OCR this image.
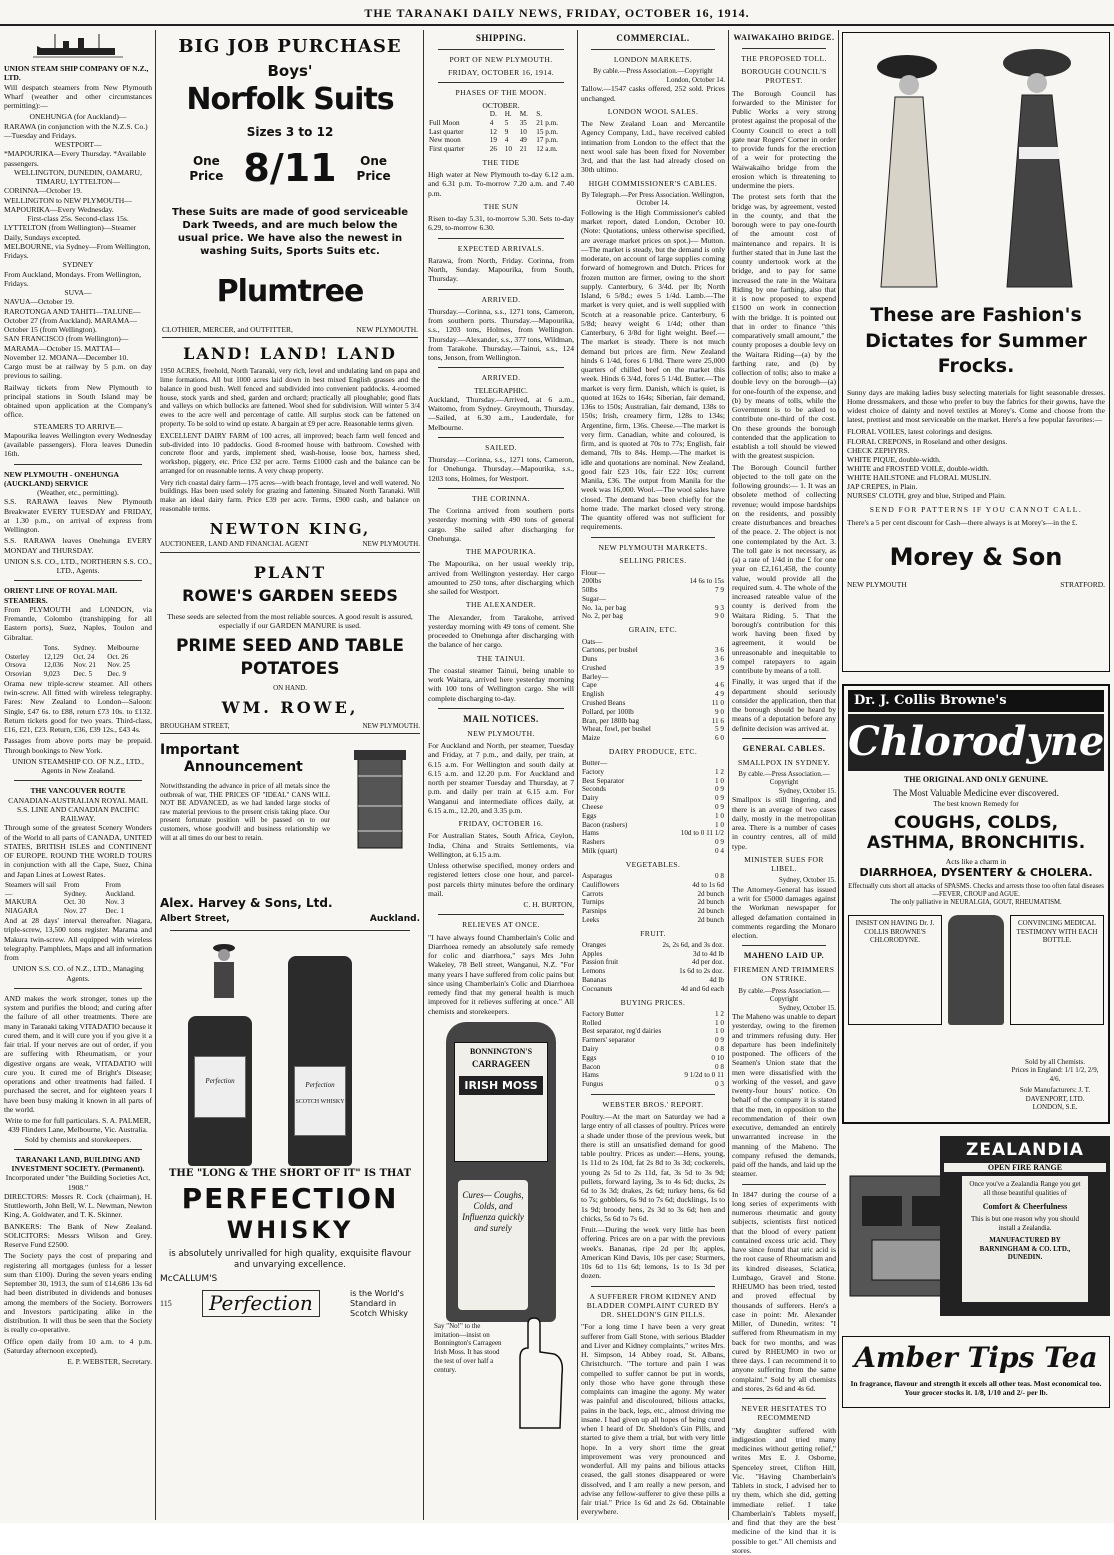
THE TARANAKI DAILY NEWS, FRIDAY, OCTOBER 16, 1914.
UNION STEAM SHIP COMPANY OF N.Z., LTD.
Will despatch steamers from New Plymouth Wharf (weather and other circumstances permitting):—
ONEHUNGA (for Auckland)—
RARAWA (in conjunction with the N.Z.S. Co.)—Tuesday and Fridays.
WESTPORT—
*MAPOURIKA—Every Thursday. *Available passengers.
WELLINGTON, DUNEDIN, OAMARU, TIMARU, LYTTELTON—
CORINNA—October 19.
WELLINGTON to NEW PLYMOUTH—MAPOURIKA—Every Wednesday.
First-class 25s. Second-class 15s.
LYTTELTON (from Wellington)—Steamer Daily, Sundays excepted.
MELBOURNE, via Sydney—From Wellington, Fridays.
SYDNEY
From Auckland, Mondays. From Wellington, Fridays.
SUVA—
NAVUA—October 19.
RAROTONGA AND TAHITI—TALUNE—October 27 (from Auckland). MARAMA—October 15 (from Wellington).
SAN FRANCISCO (from Wellington)—MARAMA—October 15. MATTAI—November 12. MOANA—December 10.
Cargo must be at railway by 5 p.m. on day previous to sailing.
Railway tickets from New Plymouth to principal stations in South Island may be obtained upon application at the Company's office.
STEAMERS TO ARRIVE—
Mapourika leaves Wellington every Wednesday (available passengers). Flora leaves Dunedin 16th.
NEW PLYMOUTH - ONEHUNGA (AUCKLAND) SERVICE
(Weather, etc., permitting).
S.S. RARAWA leaves New Plymouth Breakwater EVERY TUESDAY and FRIDAY, at 1.30 p.m., on arrival of express from Wellington.
S.S. RARAWA leaves Onehunga EVERY MONDAY and THURSDAY.
UNION S.S. CO., LTD., NORTHERN S.S. CO., LTD., Agents.
ORIENT LINE OF ROYAL MAIL STEAMERS.
From PLYMOUTH and LONDON, via Fremantle, Colombo (transhipping for all Eastern ports), Suez, Naples, Toulon and Gibraltar.
	Tons.	Sydney.	Melbourne
Osterley	12,129	Oct. 24	Oct. 26
Orsova	12,036	Nov. 21	Nov. 25
Orsovian	9,023	Dec. 5	Dec. 9
Orama new triple-screw steamer. All others twin-screw. All fitted with wireless telegraphy. Fares: New Zealand to London—Saloon: Single, £47 6s. to £88, return £73 10s. to £132. Return tickets good for two years. Third-class, £16, £21, £23. Return, £36, £39 12s., £43 4s.
Passages from above ports may be prepaid. Through bookings to New York.
UNION STEAMSHIP CO. OF N.Z., LTD., Agents in New Zealand.
THE VANCOUVER ROUTE
CANADIAN-AUSTRALIAN ROYAL MAIL S.S. LINE AND CANADIAN PACIFIC RAILWAY.
Through some of the greatest Scenery Wonders of the World to all parts of CANADA, UNITED STATES, BRITISH ISLES and CONTINENT OF EUROPE. ROUND THE WORLD TOURS in conjunction with all the Cape, Suez, China and Japan Lines at Lowest Rates.
Steamers will sail—	From Sydney.	From Auckland.
MAKURA	Oct. 30	Nov. 3
NIAGARA	Nov. 27	Dec. 1
And at 28 days' interval thereafter. Niagara, triple-screw, 13,500 tons register. Marama and Makura twin-screw. All equipped with wireless telegraphy. Pamphlets, Maps and all information from
UNION S.S. CO. of N.Z., LTD., Managing Agents.
AND makes the work stronger, tones up the system and purifies the blood; and curing after the failure of all other treatments. There are many in Taranaki taking VITADATIO because it cured them, and it will cure you if you give it a fair trial. If your nerves are out of order, if you are suffering with Rheumatism, or your digestive organs are weak, VITADATIO will cure you. It cured me of Bright's Disease; operations and other treatments had failed. I purchased the secret, and for eighteen years I have been busy making it known in all parts of the world.
Write to me for full particulars. S. A. PALMER, 439 Flinders Lane, Melbourne, Vic. Australia.
Sold by chemists and storekeepers.
TARANAKI LAND, BUILDING AND INVESTMENT SOCIETY. (Permanent).
Incorporated under "the Building Societies Act, 1908."
DIRECTORS: Messrs R. Cock (chairman), H. Stuttleworth, John Bell, W. L. Newman, Newton King, A. Goldwater, and T. K. Skinner.
BANKERS: The Bank of New Zealand. SOLICITORS: Messrs Wilson and Grey. Reserve Fund £2500.
The Society pays the cost of preparing and registering all mortgages (unless for a lesser sum than £100). During the seven years ending September 30, 1913, the sum of £14,686 13s 6d had been distributed in dividends and bonuses among the members of the Society. Borrowers and Investors participating alike in the distribution. It will thus be seen that the Society is really co-operative.
Office open daily from 10 a.m. to 4 p.m. (Saturday afternoon excepted).
E. P. WEBSTER, Secretary.
BIG JOB PURCHASE
Boys'
Norfolk Suits
Sizes 3 to 12
One Price 8/11	One Price
These Suits are made of good serviceable Dark Tweeds, and are much below the usual price. We have also the newest in washing Suits, Sports Suits etc.
Plumtree
CLOTHIER, MERCER, and OUTFITTER,	NEW PLYMOUTH.
LAND! LAND! LAND
1950 ACRES, freehold, North Taranaki, very rich, level and undulating land on papa and lime formations. All but 1000 acres laid down in best mixed English grasses and the balance in good bush. Well fenced and subdivided into convenient paddocks. 4-roomed house, stock yards and shed, garden and orchard; practically all ploughable; good flats and valleys on which bullocks are fattened. Wool shed for subdivision. Will winter 5 3/4 ewes to the acre well and percentage of cattle. All surplus stock can be fattened on property. To be sold to wind up estate. A bargain at £9 per acre. Reasonable terms given.
EXCELLENT DAIRY FARM of 100 acres, all improved; beach farm well fenced and sub-divided into 10 paddocks. Good 8-roomed house with bathroom. Cowshed with concrete floor and yards, implement shed, wash-house, loose box, harness shed, workshop, piggery, etc. Price £32 per acre. Terms £1000 cash and the balance can be arranged for on reasonable terms. A very cheap property.
Very rich coastal dairy farm—175 acres—with beach frontage, level and well watered. No buildings. Has been used solely for grazing and fattening. Situated North Taranaki. Will make an ideal dairy farm. Price £39 per acre. Terms, £900 cash, and balance on reasonable terms.
NEWTON KING,
AUCTIONEER, LAND AND FINANCIAL AGENT	NEW PLYMOUTH.
PLANT
ROWE'S GARDEN SEEDS
These seeds are selected from the most reliable sources. A good result is assured, especially if our GARDEN MANURE is used.
PRIME SEED AND TABLE
POTATOES
ON HAND.
WM. ROWE,
BROUGHAM STREET,	NEW PLYMOUTH.
Important
Announcement
Notwithstanding the advance in price of all metals since the outbreak of war, THE PRICES OF "IDEAL" CANS WILL NOT BE ADVANCED, as we had landed large stocks of raw material previous to the present crisis taking place. Our present fortunate position will be passed on to our customers, whose goodwill and business relationship we will at all times do our best to retain.
Alex. Harvey & Sons, Ltd.
Albert Street,	Auckland.
Perfection	Perfection
SCOTCH WHISKY
THE "LONG & THE SHORT OF IT" IS THAT
PERFECTION
WHISKY
is absolutely unrivalled for high quality, exquisite flavour and unvarying excellence.
McCALLUM'S
115	Perfection	is the World's Standard in Scotch Whisky
SHIPPING.
PORT OF NEW PLYMOUTH.
FRIDAY, OCTOBER 16, 1914.
PHASES OF THE MOON.
OCTOBER.
	D.	H.	M.	S.
Full Moon	4	5	35	21 p.m.
Last quarter	12	9	10	15 p.m.
New moon	19	4	49	17 p.m.
First quarter	26	10	21	12 a.m.
THE TIDE
High water at New Plymouth to-day 6.12 a.m. and 6.31 p.m. To-morrow 7.20 a.m. and 7.40 p.m.
THE SUN
Risen to-day 5.31, to-morrow 5.30. Sets to-day 6.29, to-morrow 6.30.
EXPECTED ARRIVALS.
Rarawa, from North, Friday. Corinna, from North, Sunday. Mapourika, from South, Thursday.
ARRIVED.
Thursday.—Corinna, s.s., 1271 tons, Cameron, from southern ports. Thursday.—Mapourika, s.s., 1203 tons, Holmes, from Wellington. Thursday.—Alexander, s.s., 377 tons, Wildman, from Tarakohe. Thursday.—Tainui, s.s., 124 tons, Jenson, from Wellington.
ARRIVED.
TELEGRAPHIC.
Auckland, Thursday.—Arrived, at 6 a.m., Waitomo, from Sydney. Greymouth, Thursday.—Sailed, at 6.30 a.m., Lauderdale, for Melbourne.
SAILED.
Thursday.—Corinna, s.s., 1271 tons, Cameron, for Onehunga. Thursday.—Mapourika, s.s., 1203 tons, Holmes, for Westport.
THE CORINNA.
The Corinna arrived from southern ports yesterday morning with 490 tons of general cargo. She sailed after discharging for Onehunga.
THE MAPOURIKA.
The Mapourika, on her usual weekly trip, arrived from Wellington yesterday. Her cargo amounted to 250 tons, after discharging which she sailed for Westport.
THE ALEXANDER.
The Alexander, from Tarakohe, arrived yesterday morning with 49 tons of cement. She proceeded to Onehunga after discharging with the balance of her cargo.
THE TAINUI.
The coastal steamer Tainui, being unable to work Waitara, arrived here yesterday morning with 100 tons of Wellington cargo. She will complete discharging to-day.
MAIL NOTICES.
NEW PLYMOUTH.
For Auckland and North, per steamer, Tuesday and Friday, at 7 p.m., and daily, per train, at 6.15 a.m. For Wellington and south daily at 6.15 a.m. and 12.20 p.m. For Auckland and north per steamer Tuesday and Thursday, at 7 p.m. and daily per train at 6.15 a.m. For Wanganui and intermediate offices daily, at 6.15 a.m., 12.20, and 3.35 p.m.
FRIDAY, OCTOBER 16.
For Australian States, South Africa, Ceylon, India, China and Straits Settlements, via Wellington, at 6.15 a.m.
Unless otherwise specified, money orders and registered letters close one hour, and parcel-post parcels thirty minutes before the ordinary mail.
C. H. BURTON,
RELIEVES AT ONCE.
"I have always found Chamberlain's Colic and Diarrhoea remedy an absolutely safe remedy for colic and diarrhoea," says Mrs John Wakeley, 78 Bell street, Wanganui, N.Z. "For many years I have suffered from colic pains but since using Chamberlain's Colic and Diarrhoea remedy find that my general health is much improved for it relieves suffering at once." All chemists and storekeepers.
BONNINGTON'S
CARRAGEEN
IRISH MOSS
Cures— Coughs, Colds, and Influenza quickly and surely
Say "No!" to the imitation—insist on Bonnington's Carrageen Irish Moss. It has stood the test of over half a century.
COMMERCIAL.
LONDON MARKETS.
By cable.—Press Association.—Copyright
London, October 14.
Tallow.—1547 casks offered, 252 sold. Prices unchanged.
LONDON WOOL SALES.
The New Zealand Loan and Mercantile Agency Company, Ltd., have received cabled intimation from London to the effect that the next wool sale has been fixed for November 3rd, and that the last had already closed on 30th ultimo.
HIGH COMMISSIONER'S CABLES.
By Telegraph.—Per Press Association. Wellington, October 14.
Following is the High Commissioner's cabled market report, dated London, October 10. (Note: Quotations, unless otherwise specified, are average market prices on spot.)— Mutton.—The market is steady, but the demand is only moderate, on account of large supplies coming forward of homegrown and Dutch. Prices for frozen mutton are firmer, owing to the short supply. Canterbury, 6 3/4d. per lb; North Island, 6 5/8d.; ewes 5 1/4d. Lamb.—The market is very quiet, and is well supplied with Scotch at a reasonable price. Canterbury, 6 5/8d; heavy weight 6 1/4d; other than Canterbury, 6 3/8d for light weight. Beef.—The market is steady. There is not much demand but prices are firm. New Zealand hinds 6 1/4d, fores 6 1/8d. There were 25,000 quarters of chilled beef on the market this week. Hinds 6 3/4d, fores 5 1/4d. Butter.—The market is very firm. Danish, which is quiet, is quoted at 162s to 164s; Siberian, fair demand, 136s to 150s; Australian, fair demand, 138s to 150s; Irish, creamery firm, 128s to 134s; Argentine, firm, 136s. Cheese.—The market is very firm. Canadian, white and coloured, is firm, and is quoted at 70s to 77s; English, fair demand, 70s to 84s. Hemp.—The market is idle and quotations are nominal. New Zealand, good fair £23 10s, fair £22 10s; current Manila, £36. The output from Manila for the week was 16,000. Wool.—The wool sales have closed. The demand has been chiefly for the home trade. The market closed very strong. The quantity offered was not sufficient for requirements.
NEW PLYMOUTH MARKETS.
SELLING PRICES.
Flour—
200lbs	14 6s to 15s
50lbs	7 9
Sugar—	
No. 1a, per bag	9 3
No. 2, per bag	9 0
GRAIN, ETC.
Oats—	
Cartons, per bushel	3 6
Duns	3 6
Crushed	3 9
Barley—	
Cape	4 6
English	4 9
Crushed Beans	11 0
Pollard, per 100lb	9 0
Bran, per 180lb bag	11 6
Wheat, fowl, per bushel	5 9
Maize	6 0
DAIRY PRODUCE, ETC.
Butter—	
Factory	1 2
Best Separator	1 0
Seconds	0 9
Dairy	0 9
Cheese	0 9
Eggs	1 0
Bacon (rashers)	1 0
Hams	10d to 0 11 1/2
Rashers	0 9
Milk (quart)	0 4
VEGETABLES.
Asparagus	0 8
Cauliflowers	4d to 1s 6d
Carrots	2d bunch
Turnips	2d bunch
Parsnips	2d bunch
Leeks	2d bunch
FRUIT.
Oranges	2s, 2s 6d, and 3s doz.
Apples	3d to 4d lb
Passion fruit	4d per doz.
Lemons	1s 6d to 2s doz.
Bananas	4d lb
Cocoanuts	4d and 6d each
BUYING PRICES.
Factory Butter	1 2
Rolled	1 0
Best separator, reg'd dairies	1 0
Farmers' separator	0 9
Dairy	0 8
Eggs	0 10
Bacon	0 8
Hams	9 1/2d to 0 11
Fungus	0 3
WEBSTER BROS.' REPORT.
Poultry.—At the mart on Saturday we had a large entry of all classes of poultry. Prices were a shade under those of the previous week, but there is still an unsatisfied demand for good table poultry. Prices as under:—Hens, young, 1s 11d to 2s 10d, fat 2s 8d to 3s 3d; cockerels, young 2s 5d to 2s 11d, fat, 3s 5d to 3s 9d; pullets, forward laying, 3s to 4s 6d; ducks, 2s 6d to 3s 3d; drakes, 2s 6d; turkey hens, 6s 6d to 7s; gobblers, 6s 9d to 7s 6d; ducklings, 1s to 1s 9d; broody hens, 2s 3d to 3s 6d; hen and chicks, 5s 6d to 7s 6d.
Fruit.—During the week very little has been offering. Prices are on a par with the previous week's. Bananas, ripe 2d per lb; apples, American Kind Davis, 10s per case; Sturmers, 10s 6d to 11s 6d; lemons, 1s to 1s 3d per dozen.
A SUFFERER FROM KIDNEY AND BLADDER COMPLAINT CURED BY DR. SHELDON'S GIN PILLS.
"For a long time I have been a very great sufferer from Gall Stone, with serious Bladder and Liver and Kidney complaints," writes Mrs. H. Simpson, 14 Abbey road, St. Albans, Christchurch. "The torture and pain I was compelled to suffer cannot be put in words, only those who have gone through these complaints can imagine the agony. My water was painful and discoloured, bilious attacks, pains in the back, legs, etc., almost driving me insane. I had given up all hopes of being cured when I heard of Dr. Sheldon's Gin Pills, and started to give them a trial, but with very little hope. In a very short time the great improvement was very pronounced and wonderful. All my pains and bilious attacks ceased, the gall stones disappeared or were dissolved, and I am really a new person, and advise any fellow-sufferer to give these pills a fair trial." Price 1s 6d and 2s 6d. Obtainable everywhere.
WAIWAKAIHO BRIDGE.
THE PROPOSED TOLL.
BOROUGH COUNCIL'S PROTEST.
The Borough Council has forwarded to the Minister for Public Works a very strong protest against the proposal of the County Council to erect a toll gate near Rogers' Corner in order to provide funds for the erection of a weir for protecting the Waiwakaiho bridge from the erosion which is threatening to undermine the piers.
The protest sets forth that the bridge was, by agreement, vested in the county, and that the borough were to pay one-fourth of the amount cost of maintenance and repairs. It is further stated that in June last the county undertook work at the bridge, and to pay for same increased the rate in the Waitara Riding by one farthing, also that it is now proposed to expend £1500 on work in connection with the bridge. It is pointed out that in order to finance "this comparatively small amount," the county proposes a double levy on the Waitara Riding—(a) by the farthing rate, and (b) by collection of tolls; also to make a double levy on the borough—(a) for one-fourth of the expense, and (b) by means of tolls, while the Government is to be asked to contribute one-third of the cost. On these grounds the borough contended that the application to establish a toll should be viewed with the greatest suspicion.
The Borough Council further objected to the toll gate on the following grounds:— 1. It was an obsolete method of collecting revenue; would impose hardships on the residents, and possibly create disturbances and breaches of the peace. 2. The object is not one contemplated by the Act. 3. The toll gate is not necessary, as (a) a rate of 1/4d in the £ for one year on £2,161,458, the county value, would provide all the required sum. 4. The whole of the increased rateable value of the county is derived from the Waitara Riding. 5. That the borough's contribution for this work having been fixed by agreement, it would be unreasonable and inequitable to compel ratepayers to again contribute by means of a toll.
Finally, it was urged that if the department should seriously consider the application, then that the borough should be heard by means of a deputation before any definite decision was arrived at.
GENERAL CABLES.
SMALLPOX IN SYDNEY.
By cable.—Press Association.—Copyright
Sydney, October 15.
Smallpox is still lingering, and there is an average of two cases daily, mostly in the metropolitan area. There is a number of cases in country centres, all of mild type.
MINISTER SUES FOR LIBEL.
Sydney, October 15.
The Attorney-General has issued a writ for £5000 damages against the Workman newspaper for alleged defamation contained in comments regarding the Monaro election.
MAHENO LAID UP.
FIREMEN AND TRIMMERS ON STRIKE.
By cable.—Press Association.—Copyright
Sydney, October 15.
The Maheno was unable to depart yesterday, owing to the firemen and trimmers refusing duty. Her departure has been indefinitely postponed. The officers of the Seamen's Union state that the men were dissatisfied with the working of the vessel, and gave twenty-four hours' notice. On behalf of the company it is stated that the men, in opposition to the recommendation of their own executive, demanded an entirely unwarranted increase in the manning of the Maheno. The company refused the demands, paid off the hands, and laid up the steamer.
In 1847 during the course of a long series of experiments with numerous rheumatic and gouty subjects, scientists first noticed that the blood of every patient contained excess uric acid. They have since found that uric acid is the root cause of Rheumatism and its kindred diseases, Sciatica, Lumbago, Gravel and Stone. RHEUMO has been tried, tested and proved effectual by thousands of sufferers. Here's a case in point: Mr. Alexander Miller, of Dunedin, writes: "I suffered from Rheumatism in my back for two months, and was cured by RHEUMO in two or three days. I can recommend it to anyone suffering from the same complaint." Sold by all chemists and stores, 2s 6d and 4s 6d.
NEVER HESITATES TO RECOMMEND
"My daughter suffered with indigestion and tried many medicines without getting relief," writes Mrs E. J. Osborne, Spenceley street, Clifton Hill, Vic. "Having Chamberlain's Tablets in stock, I advised her to try them, which she did, getting immediate relief. I take Chamberlain's Tablets myself, and find that they are the best medicine of the kind that it is possible to get." All chemists and stores.
These are Fashion's
Dictates for Summer
Frocks.
Sunny days are making ladies busy selecting materials for light seasonable dresses. Home dressmakers, and those who prefer to buy the fabrics for their gowns, have the widest choice of dainty and novel textiles at Morey's. Come and choose from the latest, prettiest and most serviceable on the market. Here's a few popular favorites:—
FLORAL VOILES, latest colorings and designs.
FLORAL CREPONS, in Roseland and other designs.
CHECK ZEPHYRS.
WHITE PIQUE, double-width.
WHITE and FROSTED VOILE, double-width.
WHITE HAILSTONE and FLORAL MUSLIN.
JAP CREPES, in Plain.
NURSES' CLOTH, grey and blue, Striped and Plain.
SEND FOR PATTERNS IF YOU CANNOT CALL.
There's a 5 per cent discount for Cash—there always is at Morey's—in the £.
Morey & Son
NEW PLYMOUTH	STRATFORD.
Dr. J. Collis Browne's
Chlorodyne
THE ORIGINAL AND ONLY GENUINE.
The Most Valuable Medicine ever discovered.
The best known Remedy for
COUGHS, COLDS,
ASTHMA, BRONCHITIS.
Acts like a charm in
DIARRHOEA, DYSENTERY & CHOLERA.
Effectually cuts short all attacks of SPASMS. Checks and arrests those too often fatal diseases—FEVER, CROUP and AGUE.
The only palliative in NEURALGIA, GOUT, RHEUMATISM.
INSIST ON HAVING Dr. J. COLLIS BROWNE'S CHLORODYNE.
CONVINCING MEDICAL TESTIMONY WITH EACH BOTTLE.
Sold by all Chemists.
Prices in England: 1/1 1/2, 2/9, 4/6.
Sole Manufacturers: J. T. DAVENPORT, LTD. LONDON, S.E.
ZEALANDIA
OPEN FIRE RANGE
Once you've a Zealandia Range you get all those beautiful qualities of
Comfort & Cheerfulness
This is but one reason why you should install a Zealandia.
MANUFACTURED BY BARNINGHAM & CO. LTD., DUNEDIN.
Amber Tips Tea
In fragrance, flavour and strength it excels all other teas. Most economical too. Your grocer stocks it. 1/8, 1/10 and 2/- per lb.
